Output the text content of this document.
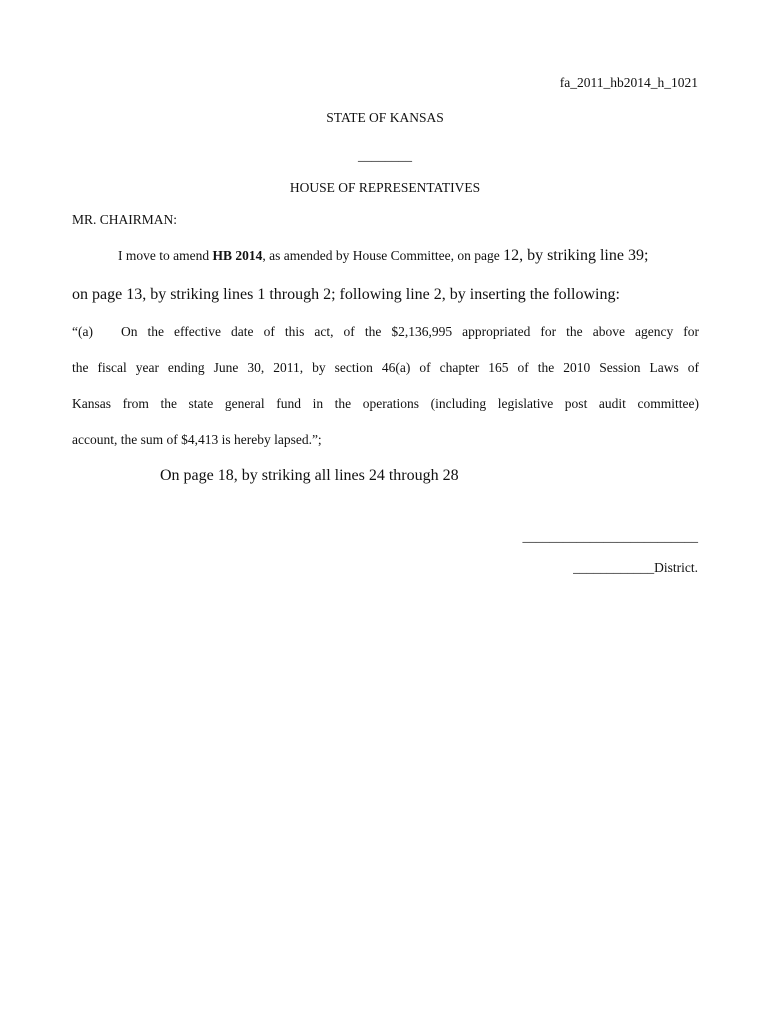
fa_2011_hb2014_h_1021
STATE OF KANSAS
________
HOUSE OF REPRESENTATIVES
MR. CHAIRMAN:
I move to amend HB 2014, as amended by House Committee, on page 12, by striking line 39;
on page 13, by striking lines 1 through 2; following line 2, by inserting the following:
“(a) On the effective date of this act, of the $2,136,995 appropriated for the above agency for
the fiscal year ending June 30, 2011, by section 46(a) of chapter 165 of the 2010 Session Laws of
Kansas from the state general fund in the operations (including legislative post audit committee)
account, the sum of $4,413 is hereby lapsed.”;
On page 18, by striking all lines 24 through 28
__________________________
____________District.
